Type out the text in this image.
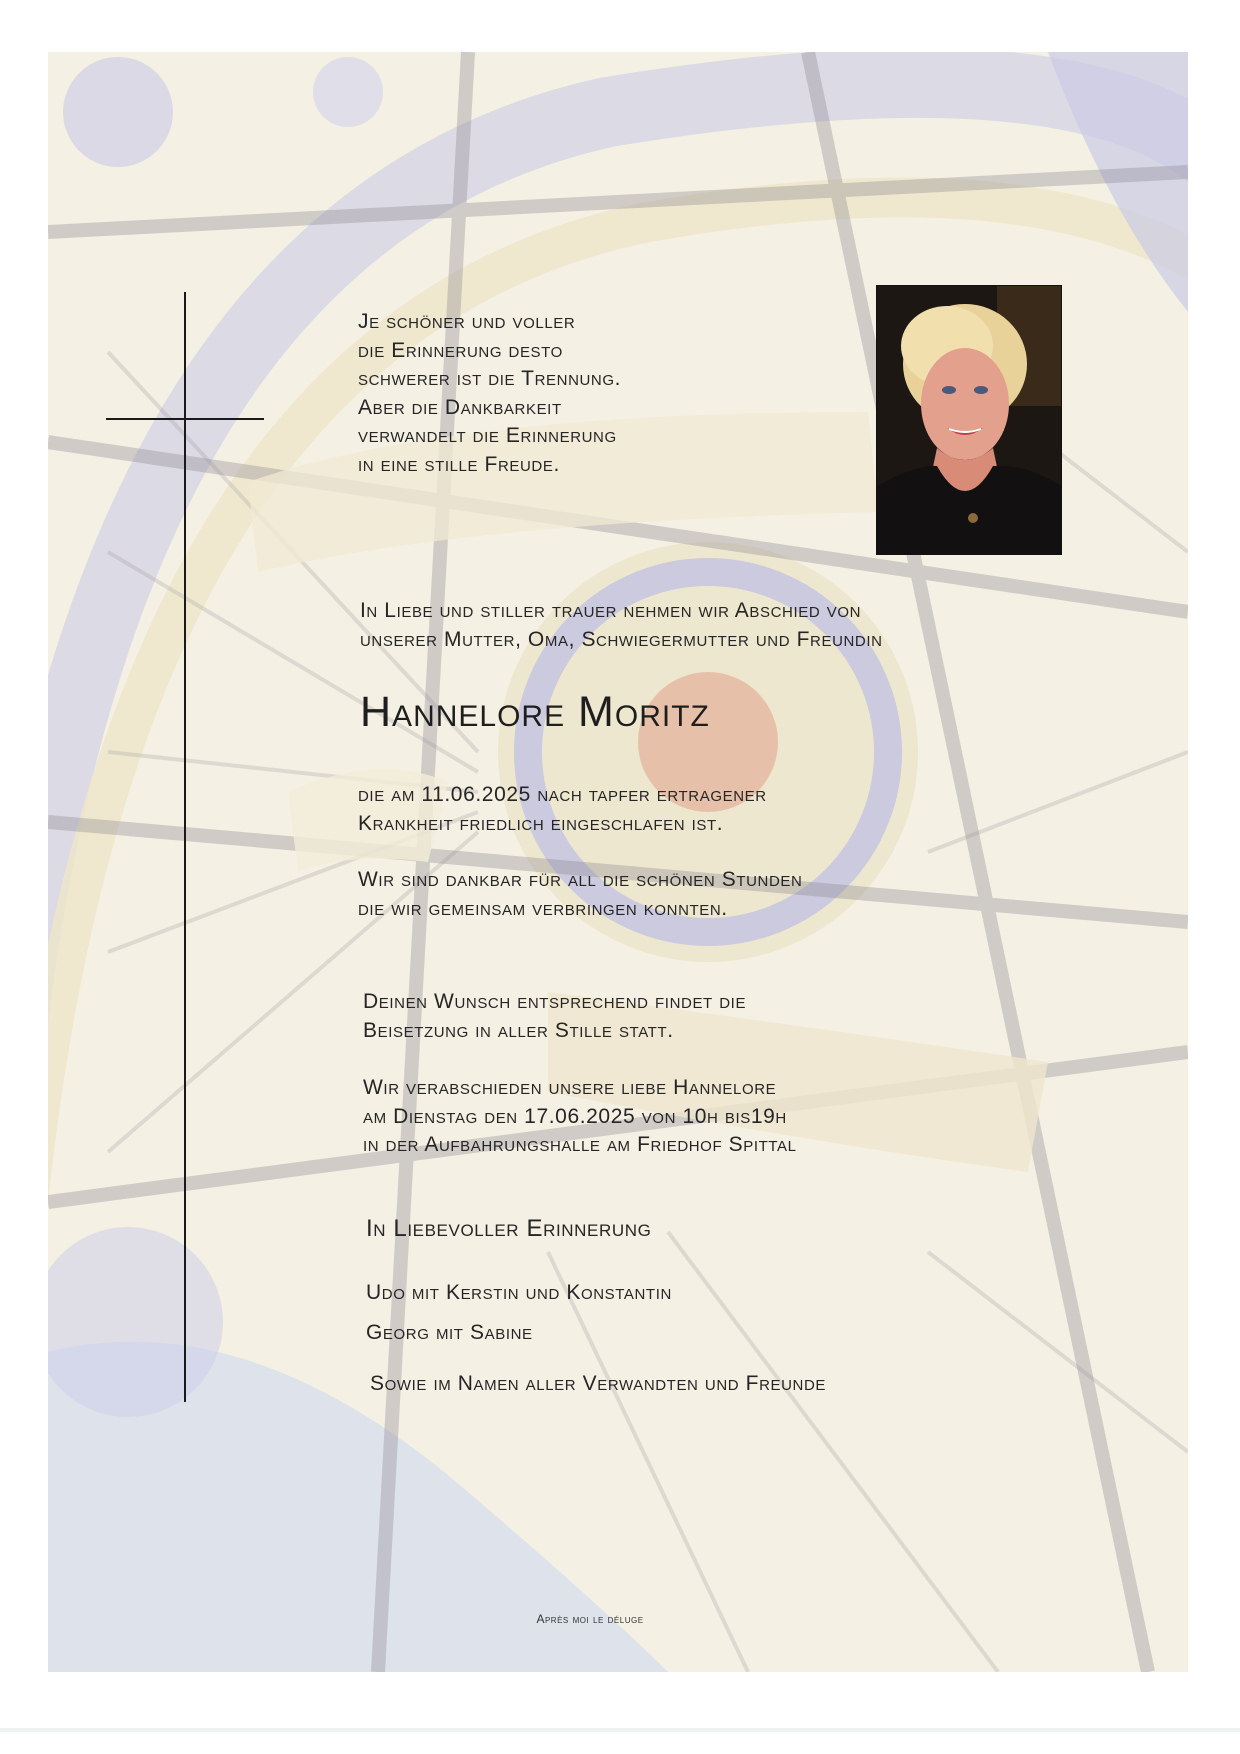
Je schöner und voller
die Erinnerung desto
schwerer ist die Trennung.
Aber die Dankbarkeit
verwandelt die Erinnerung
in eine stille Freude.
In Liebe und stiller trauer nehmen wir Abschied von
unserer Mutter, Oma, Schwiegermutter und Freundin
Hannelore Moritz
die am 11.06.2025 nach tapfer ertragener
Krankheit friedlich eingeschlafen ist.
Wir sind dankbar für all die schönen Stunden
die wir gemeinsam verbringen konnten.
Deinen Wunsch entsprechend findet die
Beisetzung in aller Stille statt.
Wir verabschieden unsere liebe Hannelore
am Dienstag den 17.06.2025 von 10h bis19h
in der Aufbahrungshalle am Friedhof Spittal
In Liebevoller Erinnerung
Udo mit Kerstin und Konstantin
Georg mit Sabine
Sowie im Namen aller Verwandten und Freunde
Après moi le déluge
